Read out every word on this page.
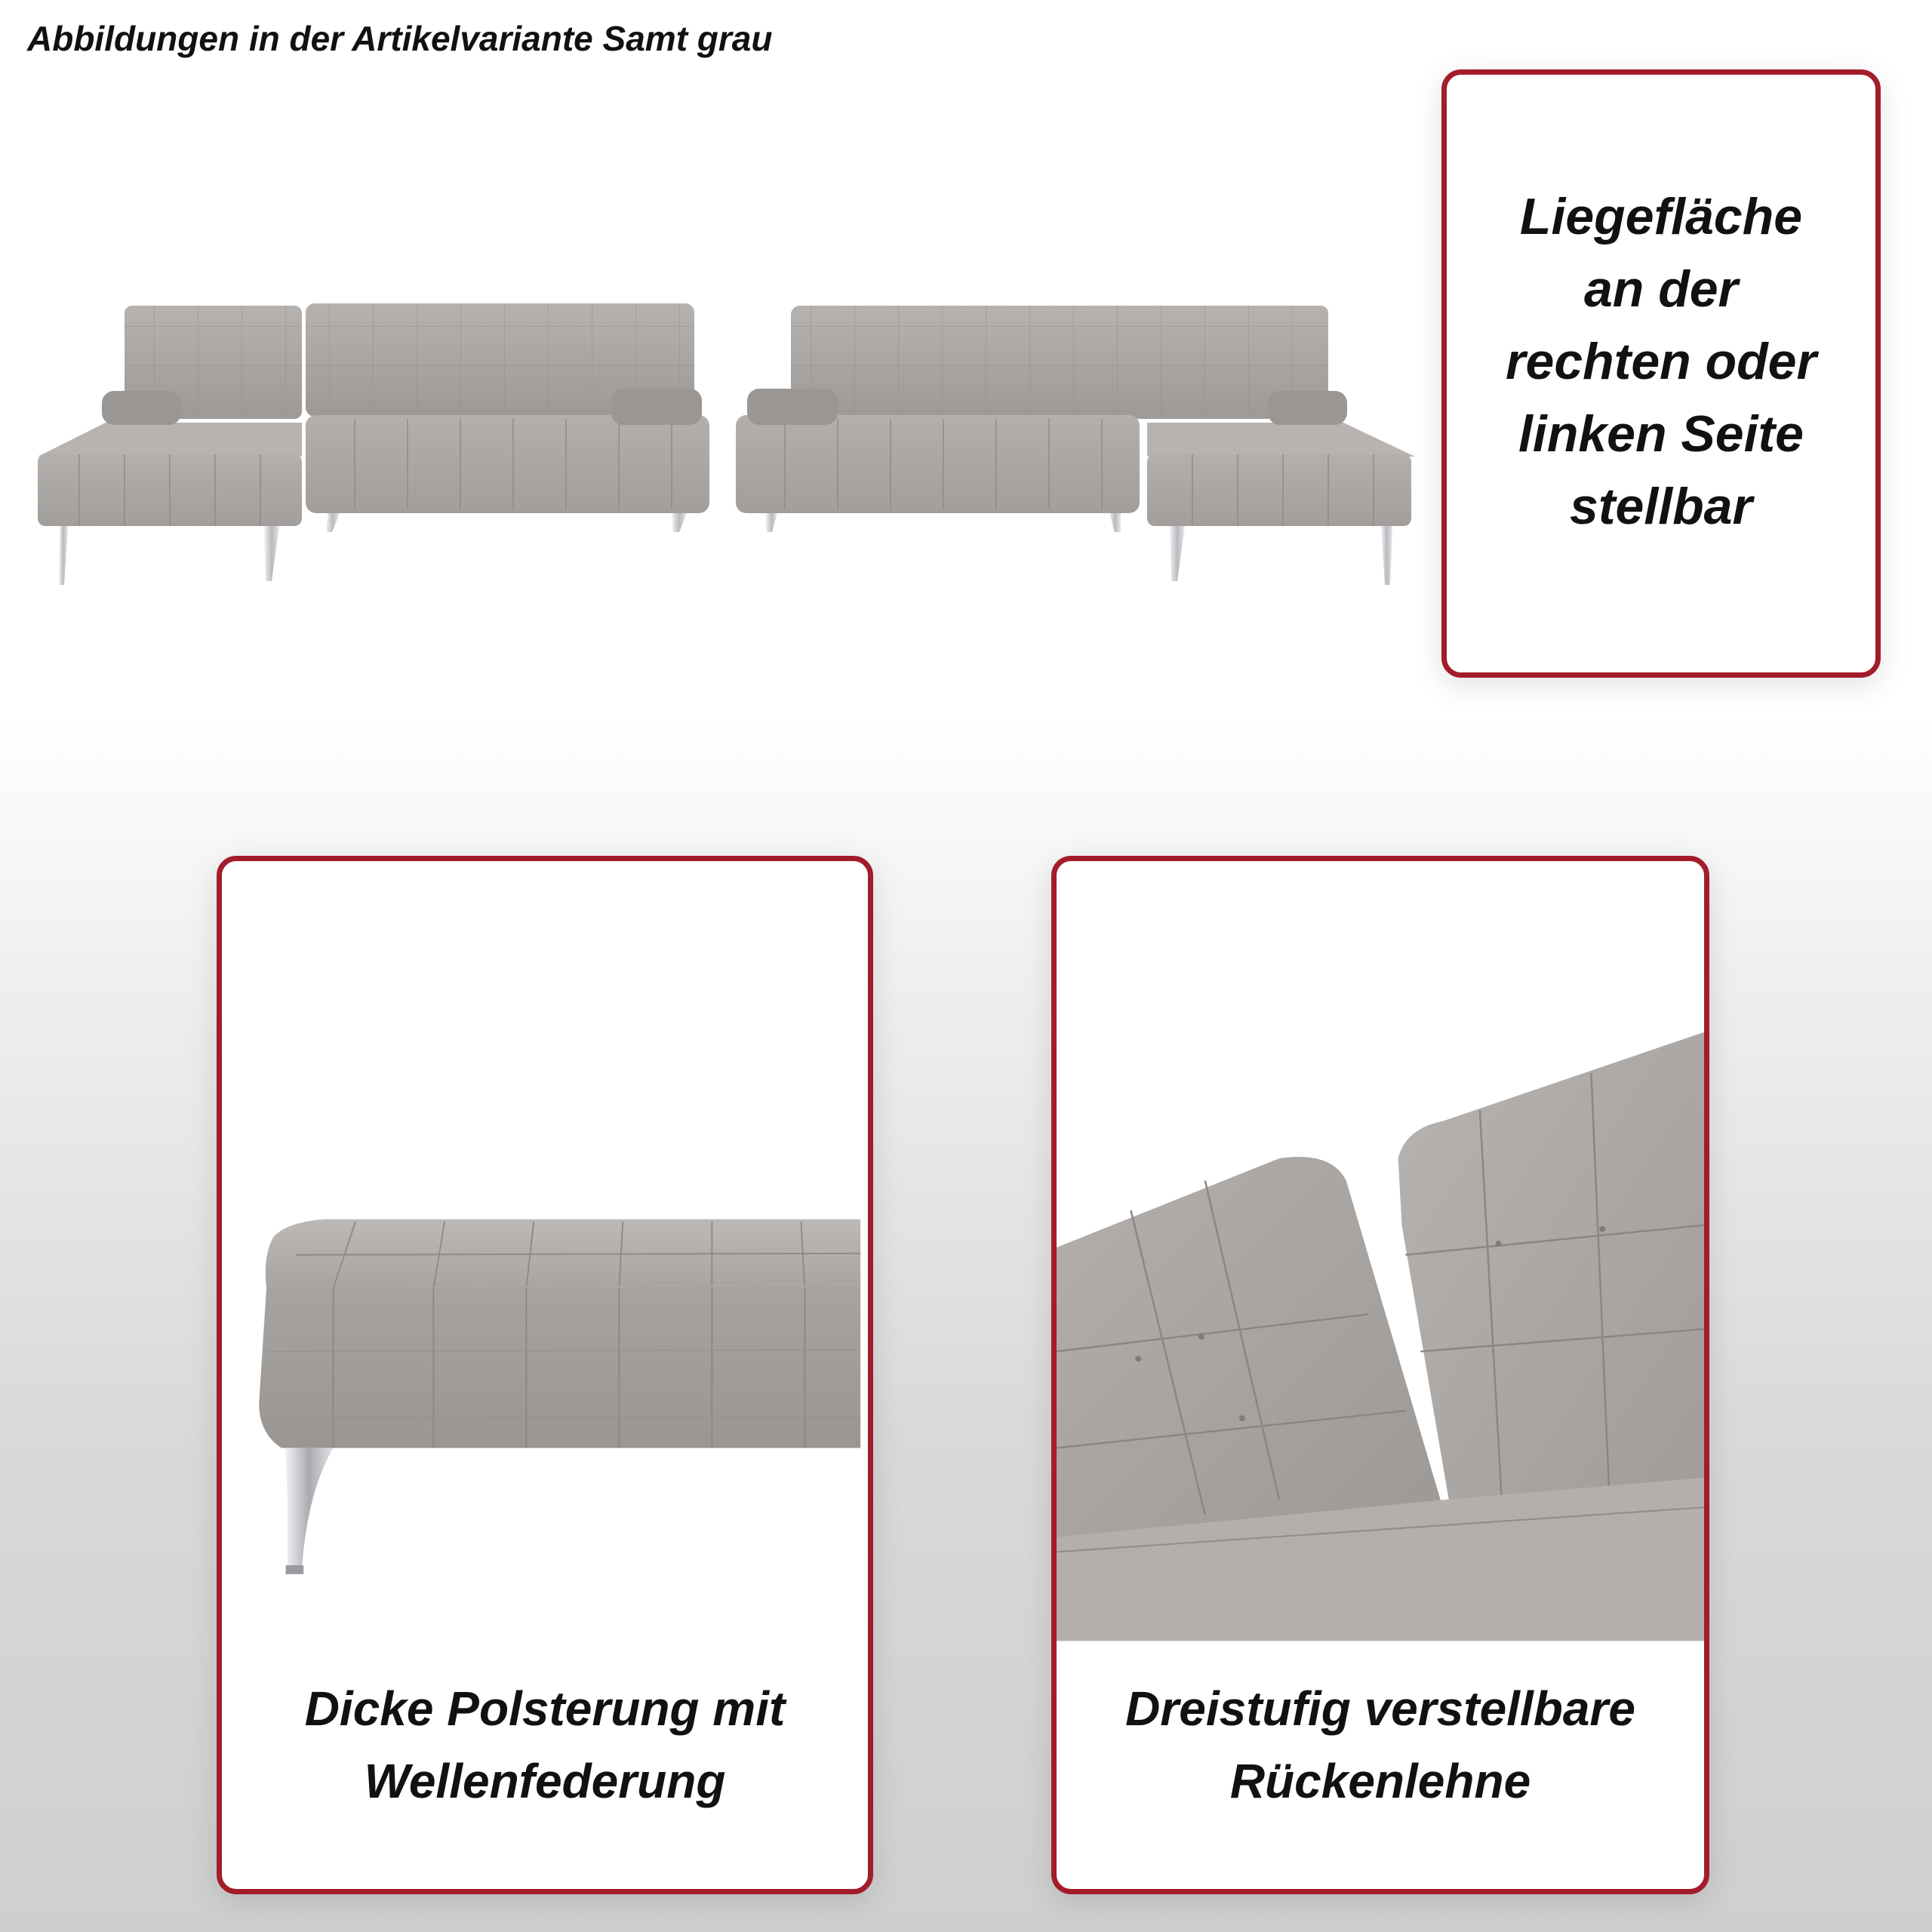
Abbildungen in der Artikelvariante Samt grau
Liegefläche
an der
rechten oder
linken Seite
stellbar
Dicke Polsterung mit
Wellenfederung
Dreistufig verstellbare
Rückenlehne
